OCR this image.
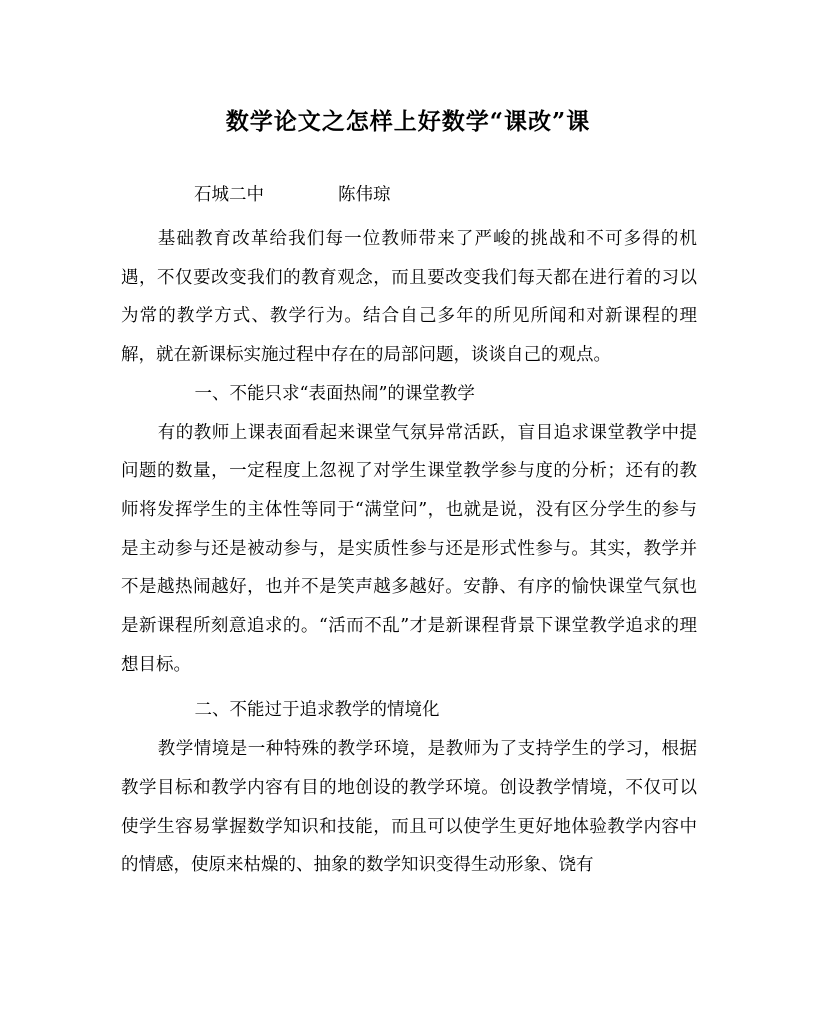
数学论文之怎样上好数学“课改”课
石城二中	陈伟琼

基础教育改革给我们每一位教师带来了严峻的挑战和不可多得的机遇，不仅要改变我们的教育观念，而且要改变我们每天都在进行着的习以为常的教学方式、教学行为。结合自己多年的所见所闻和对新课程的理解，就在新课标实施过程中存在的局部问题，谈谈自己的观点。

一、不能只求“表面热闹”的课堂教学

有的教师上课表面看起来课堂气氛异常活跃，盲目追求课堂教学中提问题的数量，一定程度上忽视了对学生课堂教学参与度的分析；还有的教师将发挥学生的主体性等同于“满堂问”，也就是说，没有区分学生的参与是主动参与还是被动参与，是实质性参与还是形式性参与。其实，教学并不是越热闹越好，也并不是笑声越多越好。安静、有序的愉快课堂气氛也是新课程所刻意追求的。“活而不乱”才是新课程背景下课堂教学追求的理想目标。

二、不能过于追求教学的情境化

教学情境是一种特殊的教学环境，是教师为了支持学生的学习，根据教学目标和教学内容有目的地创设的教学环境。创设教学情境，不仅可以使学生容易掌握数学知识和技能，而且可以使学生更好地体验教学内容中的情感，使原来枯燥的、抽象的数学知识变得生动形象、饶有
